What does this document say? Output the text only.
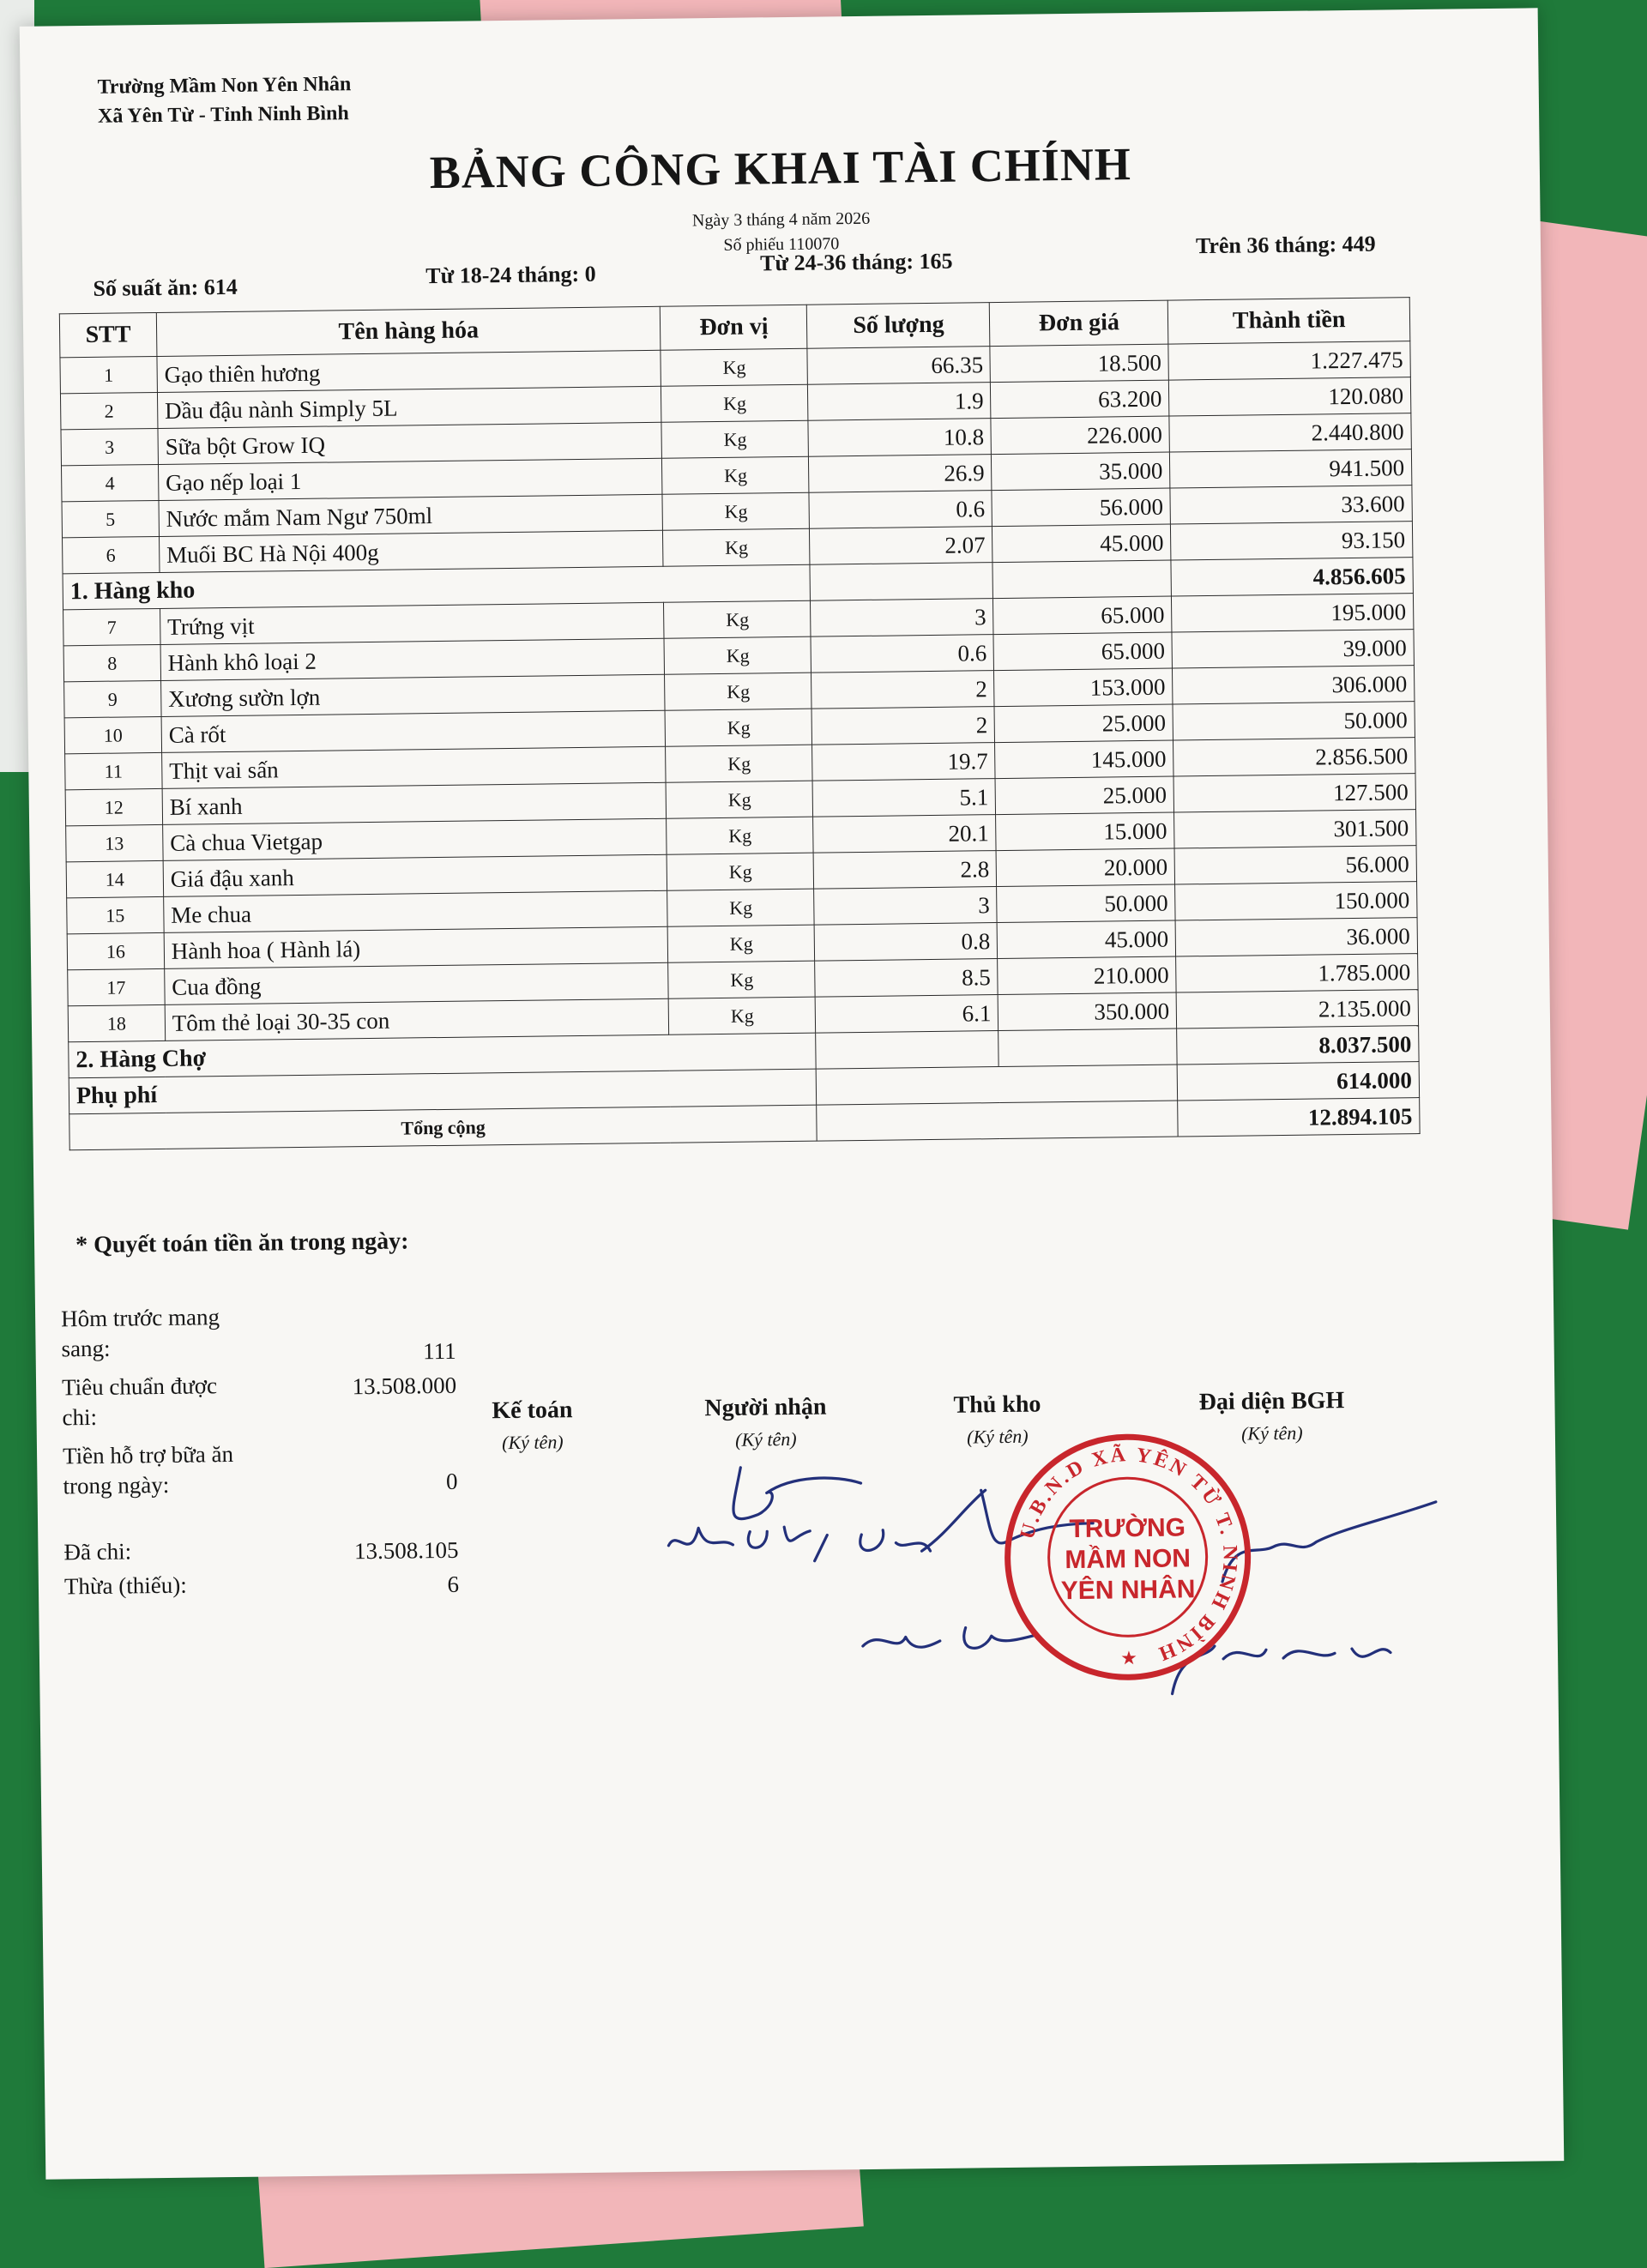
Trường Mầm Non Yên Nhân
Xã Yên Từ - Tỉnh Ninh Bình
BẢNG CÔNG KHAI TÀI CHÍNH
Ngày 3 tháng 4 năm 2026
Số phiếu 110070
Số suất ăn: 614	Từ 18-24 tháng: 0	Từ 24-36 tháng: 165
Trên 36 tháng: 449
STT	Tên hàng hóa	Đơn vị	Số lượng	Đơn giá	Thành tiền
1	Gạo thiên hương	Kg	66.35	18.500	1.227.475
2	Dầu đậu nành Simply 5L	Kg	1.9	63.200	120.080
3	Sữa bột Grow IQ	Kg	10.8	226.000	2.440.800
4	Gạo nếp loại 1	Kg	26.9	35.000	941.500
5	Nước mắm Nam Ngư 750ml	Kg	0.6	56.000	33.600
6	Muối BC Hà Nội 400g	Kg	2.07	45.000	93.150
1. Hàng kho					4.856.605
7	Trứng vịt	Kg	3	65.000	195.000
8	Hành khô loại 2	Kg	0.6	65.000	39.000
9	Xương sườn lợn	Kg	2	153.000	306.000
10	Cà rốt	Kg	2	25.000	50.000
11	Thịt vai sấn	Kg	19.7	145.000	2.856.500
12	Bí xanh	Kg	5.1	25.000	127.500
13	Cà chua Vietgap	Kg	20.1	15.000	301.500
14	Giá đậu xanh	Kg	2.8	20.000	56.000
15	Me chua	Kg	3	50.000	150.000
16	Hành hoa ( Hành lá)	Kg	0.8	45.000	36.000
17	Cua đồng	Kg	8.5	210.000	1.785.000
18	Tôm thẻ loại 30-35 con	Kg	6.1	350.000	2.135.000
2. Hàng Chợ					8.037.500
Phụ phí					614.000
Tổng cộng					12.894.105
* Quyết toán tiền ăn trong ngày:
Hôm trước mang sang:	111
Tiêu chuẩn được chi:
13.508.000
Tiền hỗ trợ bữa ăn trong ngày:	0
Đã chi:	13.508.105
Thừa (thiếu):	6
Kế toán
(Ký tên)
Người nhận
(Ký tên)
Thủ kho
(Ký tên)
Đại diện BGH
(Ký tên)
U.B.N.D XÃ YÊN TỪ T. NINH BÌNH
TRƯỜNG
MẦM NON
YÊN NHÂN
★
